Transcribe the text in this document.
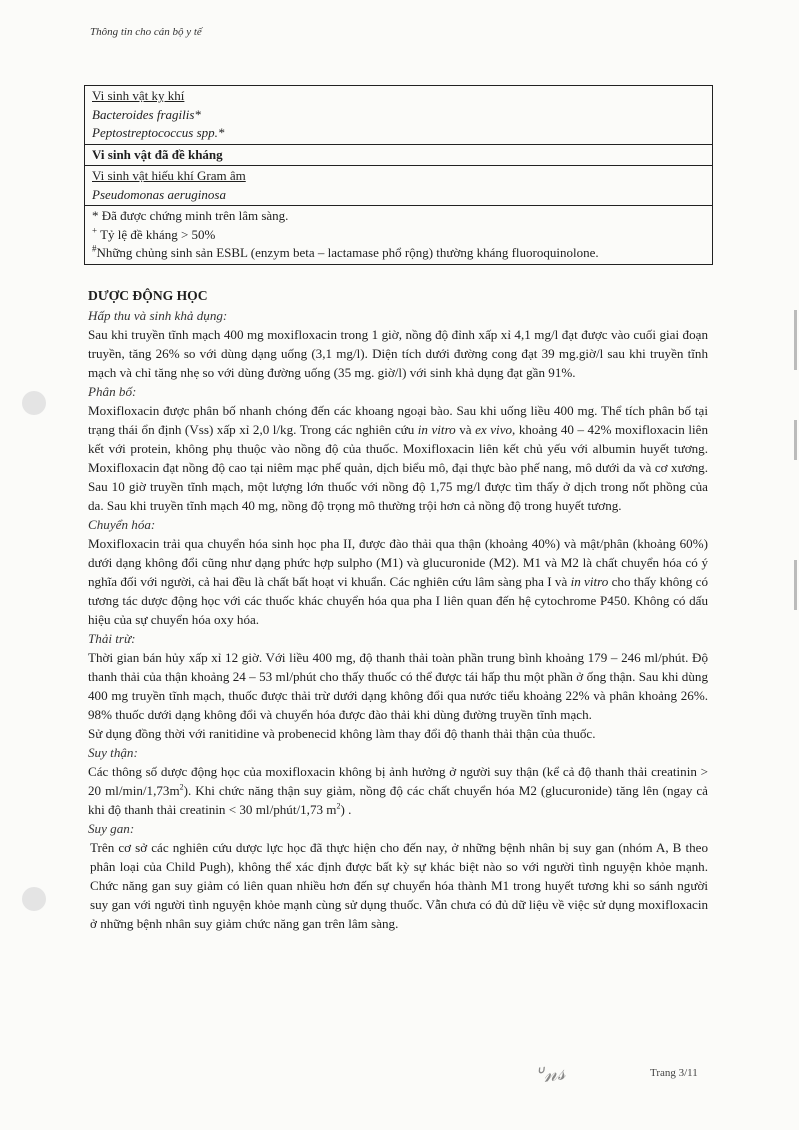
Thông tin cho cán bộ y tế
Vi sinh vật kỵ khí
Bacteroides fragilis*
Peptostreptococcus spp.*
Vi sinh vật đã đề kháng
Vi sinh vật hiếu khí Gram âm
Pseudomonas aeruginosa
* Đã được chứng minh trên lâm sàng.
+ Tỷ lệ đề kháng > 50%
#Những chủng sinh sản ESBL (enzym beta – lactamase phổ rộng) thường kháng fluoroquinolone.
DƯỢC ĐỘNG HỌC
Hấp thu và sinh khả dụng:

Sau khi truyền tĩnh mạch 400 mg moxifloxacin trong 1 giờ, nồng độ đỉnh xấp xỉ 4,1 mg/l đạt được vào cuối giai đoạn truyền, tăng 26% so với dùng dạng uống (3,1 mg/l). Diện tích dưới đường cong đạt 39 mg.giờ/l sau khi truyền tĩnh mạch và chỉ tăng nhẹ so với dùng đường uống (35 mg. giờ/l) với sinh khả dụng đạt gần 91%.

Phân bố:

Moxifloxacin được phân bố nhanh chóng đến các khoang ngoại bào. Sau khi uống liều 400 mg. Thể tích phân bố tại trạng thái ổn định (Vss) xấp xỉ 2,0 l/kg. Trong các nghiên cứu in vitro và ex vivo, khoảng 40 – 42% moxifloxacin liên kết với protein, không phụ thuộc vào nồng độ của thuốc. Moxifloxacin liên kết chủ yếu với albumin huyết tương. Moxifloxacin đạt nồng độ cao tại niêm mạc phế quản, dịch biểu mô, đại thực bào phế nang, mô dưới da và cơ xương. Sau 10 giờ truyền tĩnh mạch, một lượng lớn thuốc với nồng độ 1,75 mg/l được tìm thấy ở dịch trong nốt phồng của da. Sau khi truyền tĩnh mạch 40 mg, nồng độ trọng mô thường trội hơn cả nồng độ trong huyết tương.

Chuyển hóa:

Moxifloxacin trải qua chuyển hóa sinh học pha II, được đào thải qua thận (khoảng 40%) và mật/phân (khoảng 60%) dưới dạng không đổi cũng như dạng phức hợp sulpho (M1) và glucuronide (M2). M1 và M2 là chất chuyển hóa có ý nghĩa đối với người, cả hai đều là chất bất hoạt vi khuẩn. Các nghiên cứu lâm sàng pha I và in vitro cho thấy không có tương tác dược động học với các thuốc khác chuyển hóa qua pha I liên quan đến hệ cytochrome P450. Không có dấu hiệu của sự chuyển hóa oxy hóa.

Thải trừ:

Thời gian bán hủy xấp xỉ 12 giờ. Với liều 400 mg, độ thanh thải toàn phần trung bình khoảng 179 – 246 ml/phút. Độ thanh thải của thận khoảng 24 – 53 ml/phút cho thấy thuốc có thể được tái hấp thu một phần ở ống thận. Sau khi dùng 400 mg truyền tĩnh mạch, thuốc được thải trừ dưới dạng không đổi qua nước tiểu khoảng 22% và phân khoảng 26%. 98% thuốc dưới dạng không đổi và chuyển hóa được đào thải khi dùng đường truyền tĩnh mạch.

Sử dụng đồng thời với ranitidine và probenecid không làm thay đổi độ thanh thải thận của thuốc.

Suy thận:

Các thông số dược động học của moxifloxacin không bị ảnh hưởng ở người suy thận (kể cả độ thanh thải creatinin > 20 $ml/\min/1,73m^2$). Khi chức năng thận suy giảm, nồng độ các chất chuyển hóa M2 (glucuronide) tăng lên (ngay cả khi độ thanh thải creatinin < 30 ml/phút/1,73 $m^2$) .

Suy gan:

Trên cơ sở các nghiên cứu dược lực học đã thực hiện cho đến nay, ở những bệnh nhân bị suy gan (nhóm A, B theo phân loại của Child Pugh), không thể xác định được bất kỳ sự khác biệt nào so với người tình nguyện khỏe mạnh. Chức năng gan suy giảm có liên quan nhiều hơn đến sự chuyển hóa thành M1 trong huyết tương khi so sánh người suy gan với người tình nguyện khỏe mạnh cùng sử dụng thuốc. Vẫn chưa có đủ dữ liệu về việc sử dụng moxifloxacin ở những bệnh nhân suy giảm chức năng gan trên lâm sàng.

ᐡ𝓃𝓈	Trang 3/11
